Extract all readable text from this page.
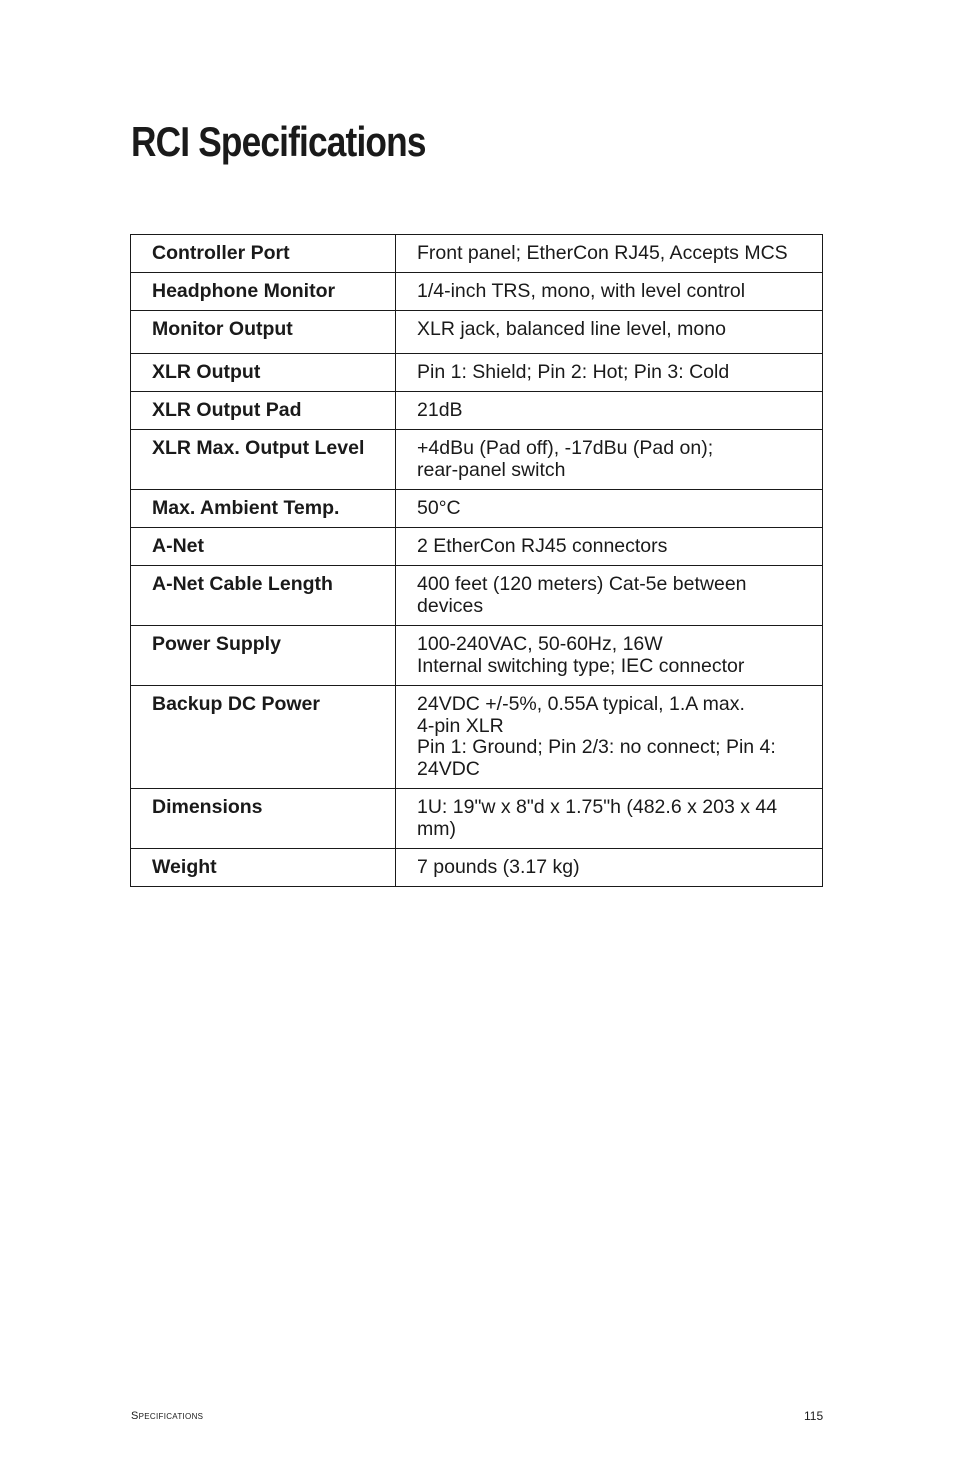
RCI Specifications
Controller Port	Front panel; EtherCon RJ45, Accepts MCS
Headphone Monitor	1/4-inch TRS, mono, with level control
Monitor Output	XLR jack, balanced line level, mono
XLR Output	Pin 1: Shield; Pin 2: Hot; Pin 3: Cold
XLR Output Pad	21dB
XLR Max. Output Level	+4dBu (Pad off), -17dBu (Pad on);
rear-panel switch
Max. Ambient Temp.	50°C
A-Net	2 EtherCon RJ45 connectors
A-Net Cable Length	400 feet (120 meters) Cat-5e between devices
Power Supply	100-240VAC, 50-60Hz, 16W
Internal switching type; IEC connector
Backup DC Power	24VDC +/-5%, 0.55A typical, 1.A max.
4-pin XLR
Pin 1: Ground; Pin 2/3: no connect; Pin 4: 24VDC
Dimensions	1U: 19"w x 8"d x 1.75"h (482.6 x 203 x 44 mm)
Weight	7 pounds (3.17 kg)
Specifications	115
